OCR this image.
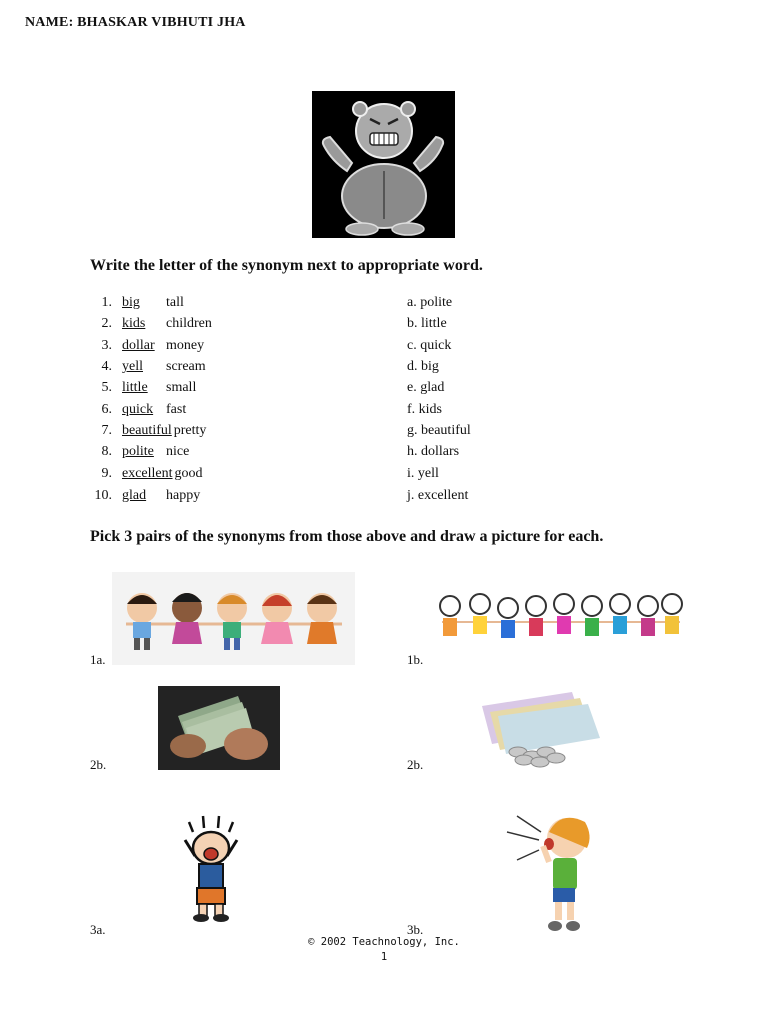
NAME: BHASKAR VIBHUTI JHA
Write the letter of the synonym next to appropriate word.
1. big tall
2. kids children
3. dollar money
4. yell scream
5. little small
6. quick fast
7. beautiful pretty
8. polite nice
9. excellent good
10. glad happy
a. polite
b. little
c. quick
d. big
e. glad
f. kids
g. beautiful
h. dollars
i. yell
j. excellent
Pick 3 pairs of the synonyms from those above and draw a picture for each.
1a.	1b.
2b.	2b.
3a.	3b.
© 2002 Teachnology, Inc.
1
